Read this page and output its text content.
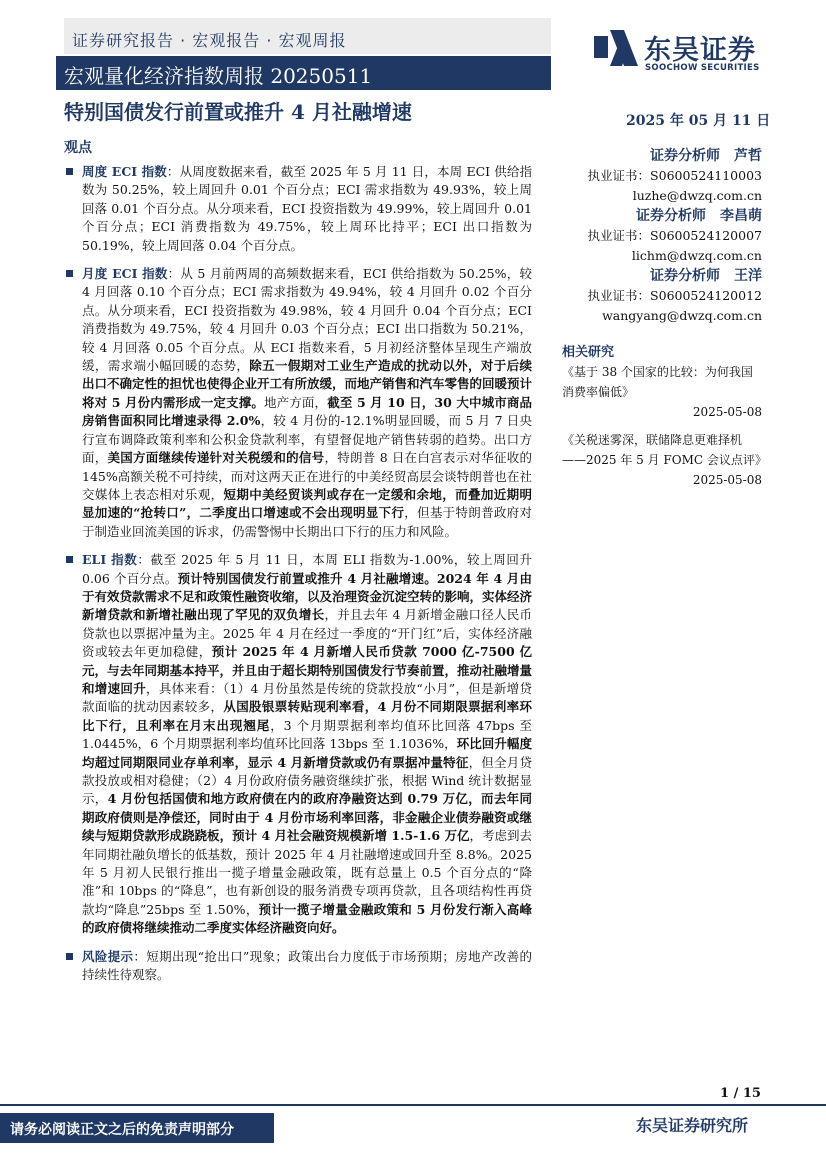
证券研究报告 · 宏观报告 · 宏观周报
宏观量化经济指数周报 20250511
特别国债发行前置或推升 4 月社融增速	2025 年 05 月 11 日
东吴证券
SOOCHOW SECURITIES
观点
周度 ECI 指数：从周度数据来看，截至 2025 年 5 月 11 日，本周 ECI 供给指数为 50.25%，较上周回升 0.01 个百分点；ECI 需求指数为 49.93%，较上周回落 0.01 个百分点。从分项来看，ECI 投资指数为 49.99%，较上周回升 0.01 个百分点；ECI 消费指数为 49.75%，较上周环比持平；ECI 出口指数为 50.19%，较上周回落 0.04 个百分点。
月度 ECI 指数：从 5 月前两周的高频数据来看，ECI 供给指数为 50.25%，较 4 月回落 0.10 个百分点；ECI 需求指数为 49.94%，较 4 月回升 0.02 个百分点。从分项来看，ECI 投资指数为 49.98%，较 4 月回升 0.04 个百分点；ECI 消费指数为 49.75%，较 4 月回升 0.03 个百分点；ECI 出口指数为 50.21%，较 4 月回落 0.05 个百分点。从 ECI 指数来看，5 月初经济整体呈现生产端放缓，需求端小幅回暖的态势，除五一假期对工业生产造成的扰动以外，对于后续出口不确定性的担忧也使得企业开工有所放缓，而地产销售和汽车零售的回暖预计将对 5 月份内需形成一定支撑。地产方面，截至 5 月 10 日，30 大中城市商品房销售面积同比增速录得 2.0%，较 4 月份的-12.1%明显回暖，而 5 月 7 日央行宣布调降政策利率和公积金贷款利率，有望督促地产销售转弱的趋势。出口方面，美国方面继续传递针对关税缓和的信号，特朗普 8 日在白宫表示对华征收的 145%高额关税不可持续，而对这两天正在进行的中美经贸高层会谈特朗普也在社交媒体上表态相对乐观，短期中美经贸谈判或存在一定缓和余地，而叠加近期明显加速的“抢转口”，二季度出口增速或不会出现明显下行，但基于特朗普政府对于制造业回流美国的诉求，仍需警惕中长期出口下行的压力和风险。
ELI 指数：截至 2025 年 5 月 11 日，本周 ELI 指数为-1.00%，较上周回升 0.06 个百分点。预计特别国债发行前置或推升 4 月社融增速。2024 年 4 月由于有效贷款需求不足和政策性融资收缩，以及治理资金沉淀空转的影响，实体经济新增贷款和新增社融出现了罕见的双负增长，并且去年 4 月新增金融口径人民币贷款也以票据冲量为主。2025 年 4 月在经过一季度的“开门红”后，实体经济融资或较去年更加稳健，预计 2025 年 4 月新增人民币贷款 7000 亿-7500 亿元，与去年同期基本持平，并且由于超长期特别国债发行节奏前置，推动社融增量和增速回升，具体来看：（1）4 月份虽然是传统的贷款投放“小月”，但是新增贷款面临的扰动因素较多，从国股银票转贴现利率看，4 月份不同期限票据利率环比下行，且利率在月末出现翘尾，3 个月期票据利率均值环比回落 47bps 至 1.0445%，6 个月期票据利率均值环比回落 13bps 至 1.1036%，环比回升幅度均超过同期限同业存单利率，显示 4 月新增贷款或仍有票据冲量特征，但全月贷款投放或相对稳健；（2）4 月份政府债务融资继续扩张，根据 Wind 统计数据显示，4 月份包括国债和地方政府债在内的政府净融资达到 0.79 万亿，而去年同期政府债则是净偿还，同时由于 4 月份市场利率回落，非金融企业债券融资或继续与短期贷款形成跷跷板，预计 4 月社会融资规模新增 1.5-1.6 万亿，考虑到去年同期社融负增长的低基数，预计 2025 年 4 月社融增速或回升至 8.8%。2025 年 5 月初人民银行推出一揽子增量金融政策，既有总量上 0.5 个百分点的“降准”和 10bps 的“降息”，也有新创设的服务消费专项再贷款，且各项结构性再贷款均“降息”25bps 至 1.50%，预计一揽子增量金融政策和 5 月份发行渐入高峰的政府债将继续推动二季度实体经济融资向好。
风险提示：短期出现“抢出口”现象；政策出台力度低于市场预期；房地产改善的持续性待观察。
证券分析师　芦哲
执业证书：S0600524110003
luzhe@dwzq.com.cn
证券分析师　李昌萌
执业证书：S0600524120007
lichm@dwzq.com.cn
证券分析师　王洋
执业证书：S0600524120012
wangyang@dwzq.com.cn
相关研究
《基于 38 个国家的比较：为何我国消费率偏低》
2025-05-08
《关税迷雾深，联储降息更难择机——2025 年 5 月 FOMC 会议点评》
2025-05-08
1 / 15
请务必阅读正文之后的免责声明部分	东吴证券研究所
